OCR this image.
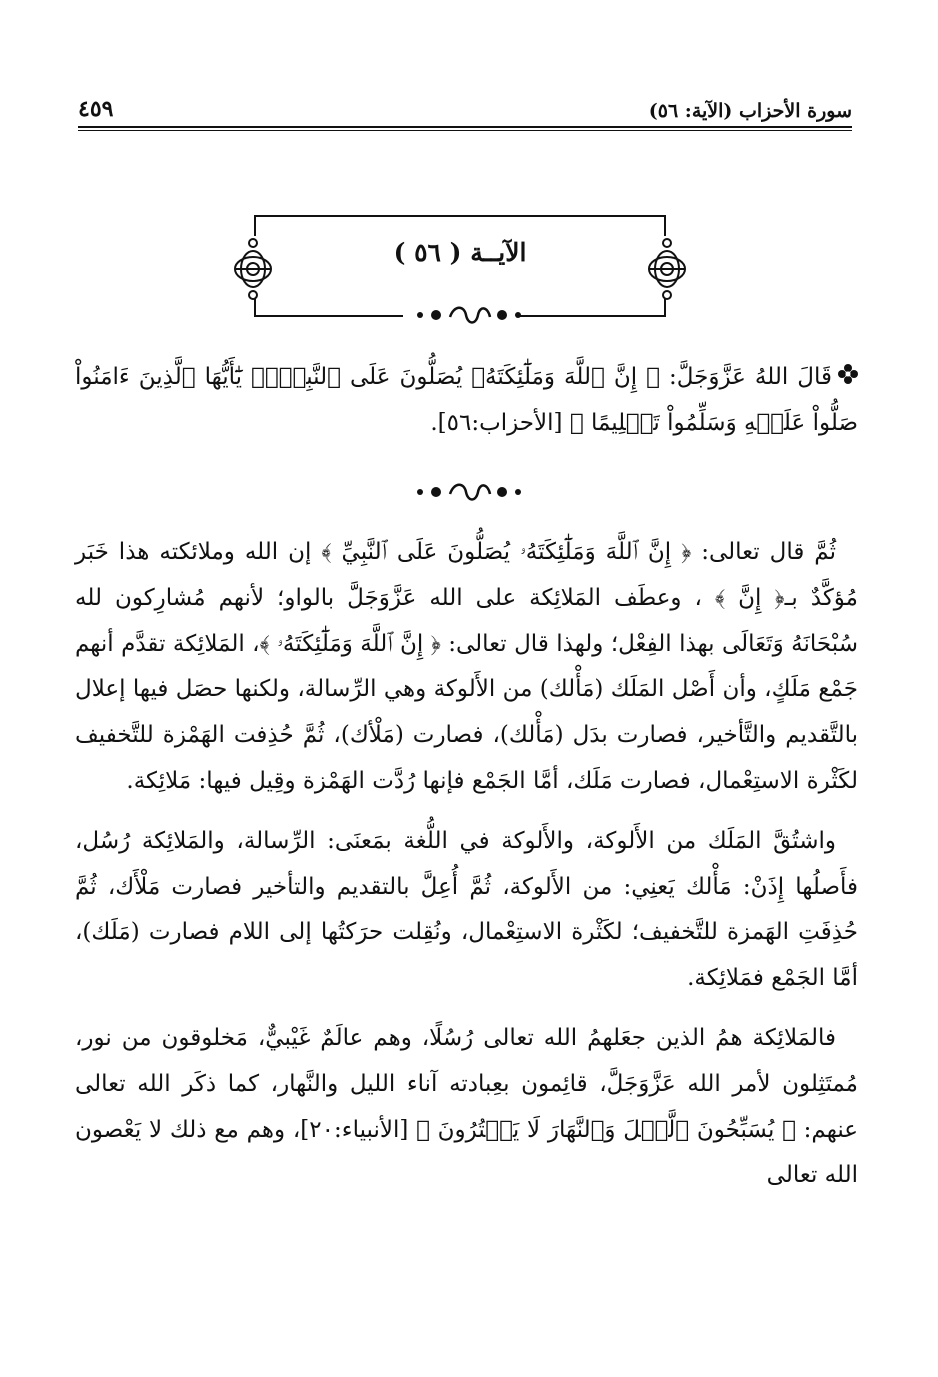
سورة الأحزاب (الآية: ٥٦)
٤٥٩
الآيــة ( ٥٦ )

قَالَ اللهُ عَزَّوَجَلَّ: ﴿ إِنَّ ٱللَّهَ وَمَلَٰٓئِكَتَهُۥ يُصَلُّونَ عَلَى ٱلنَّبِيِّۚ يَٰٓأَيُّهَا ٱلَّذِينَ ءَامَنُواْ صَلُّواْ عَلَيۡهِ وَسَلِّمُواْ تَسۡلِيمًا ﴾ [الأحزاب:٥٦].

ثُمَّ قال تعالى: ﴿ إِنَّ ٱللَّهَ وَمَلَٰٓئِكَتَهُۥ يُصَلُّونَ عَلَى ٱلنَّبِيِّ ﴾ إن الله وملائكته هذا خَبَر مُؤكَّدٌ بـ﴿ إِنَّ ﴾ ، وعطَف المَلائِكة على الله عَزَّوَجَلَّ بالواو؛ لأنهم مُشارِكون لله سُبْحَانَهُ وَتَعَالَى بهذا الفِعْل؛ ولهذا قال تعالى: ﴿ إِنَّ ٱللَّهَ وَمَلَٰٓئِكَتَهُۥ ﴾، المَلائِكة تقدَّم أنهم جَمْع مَلَكٍ، وأن أَصْل المَلَك (مَأْلك) من الأَلوكة وهي الرِّسالة، ولكنها حصَل فيها إعلال بالتَّقديم والتَّأخير، فصارت بدَل (مَأْلك)، فصارت (مَلْأك)، ثُمَّ حُذِفت الهَمْزة للتَّخفيف لكَثْرة الاستِعْمال، فصارت مَلَك، أمَّا الجَمْع فإنها رُدَّت الهَمْزة وقِيل فيها: مَلائِكة.

واشتُقَّ المَلَك من الأَلوكة، والأَلوكة في اللُّغة بمَعنَى: الرِّسالة، والمَلائِكة رُسُل، فأَصلُها إِذَنْ: مَأْلك يَعنِي: من الأَلوكة، ثُمَّ أُعِلَّ بالتقديم والتأخير فصارت مَلْأَك، ثُمَّ حُذِفَتِ الهَمزة للتَّخفيف؛ لكَثْرة الاستِعْمال، ونُقِلت حرَكتُها إلى اللام فصارت (مَلَك)، أمَّا الجَمْع فمَلائِكة.

فالمَلائِكة همُ الذين جعَلهمُ الله تعالى رُسُلًا، وهم عالَمٌ غَيْبيٌّ، مَخلوقون من نور، مُمتَثِلون لأمر الله عَزَّوَجَلَّ، قائِمون بعِبادته آناء الليل والنَّهار، كما ذكَر الله تعالى عنهم: ﴿ يُسَبِّحُونَ ٱلَّيۡلَ وَٱلنَّهَارَ لَا يَفۡتُرُونَ ﴾ [الأنبياء:٢٠]، وهم مع ذلك لا يَعْصون الله تعالى
